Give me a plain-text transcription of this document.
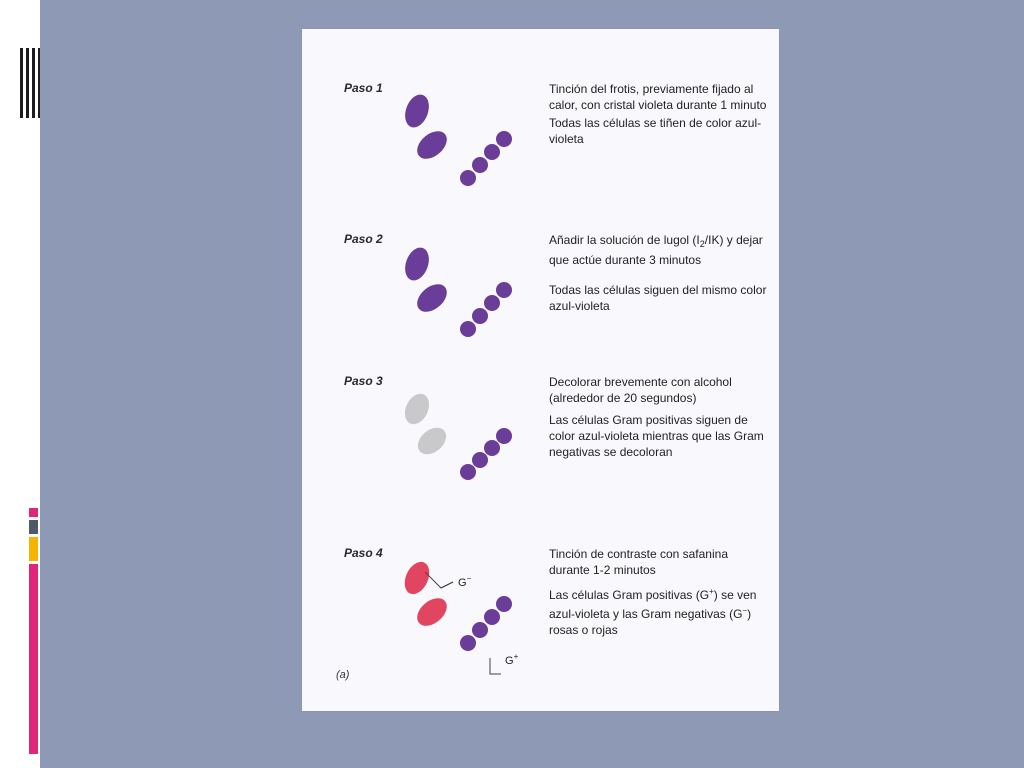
Paso 1	Tinción del frotis, previamente fijado al calor, con cristal violeta durante 1 minuto

Todas las células se tiñen de color azul-violeta

Paso 2	Añadir la solución de lugol $(I_2/IK)$ y dejar que actúe durante 3 minutos

Todas las células siguen del mismo color azul-violeta

Paso 3	Decolorar brevemente con alcohol (alrededor de 20 segundos)

Las células Gram positivas siguen de color azul-violeta mientras que las Gram negativas se decoloran

Paso 4
G−
G+

Tinción de contraste con safanina durante 1-2 minutos

Las células Gram positivas (G+) se ven azul-violeta y las Gram negativas (G−) rosas o rojas

(a)
